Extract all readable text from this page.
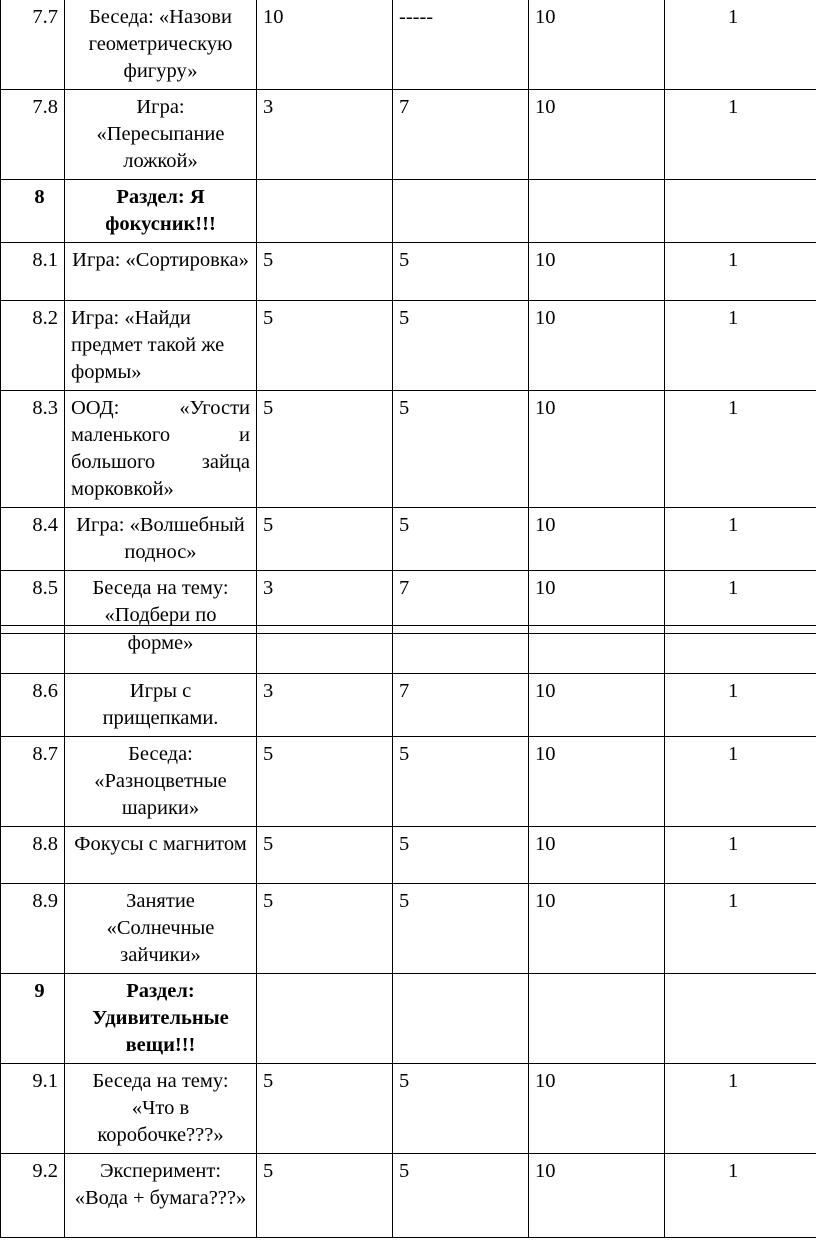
7.7	Беседа: «Назови геометрическую фигуру»	10	-----	10	1
7.8	Игра: «Пересыпание ложкой»	3	7	10	1
8	Раздел: Я фокусник!!!				
8.1	Игра: «Сортировка»	5	5	10	1
8.2	Игра: «Найди предмет такой же формы»	5	5	10	1
8.3	ООД: «Угости маленького и большого зайца морковкой»	5	5	10	1
8.4	Игра: «Волшебный поднос»	5	5	10	1
8.5	Беседа на тему: «Подбери по	3	7	10	1
	форме»				
8.6	Игры с прищепками.	3	7	10	1
8.7	Беседа: «Разноцветные шарики»	5	5	10	1
8.8	Фокусы с магнитом	5	5	10	1
8.9	Занятие «Солнечные зайчики»	5	5	10	1
9	Раздел: Удивительные вещи!!!				
9.1	Беседа на тему: «Что в коробочке???»	5	5	10	1
9.2	Эксперимент: «Вода + бумага???»	5	5	10	1
